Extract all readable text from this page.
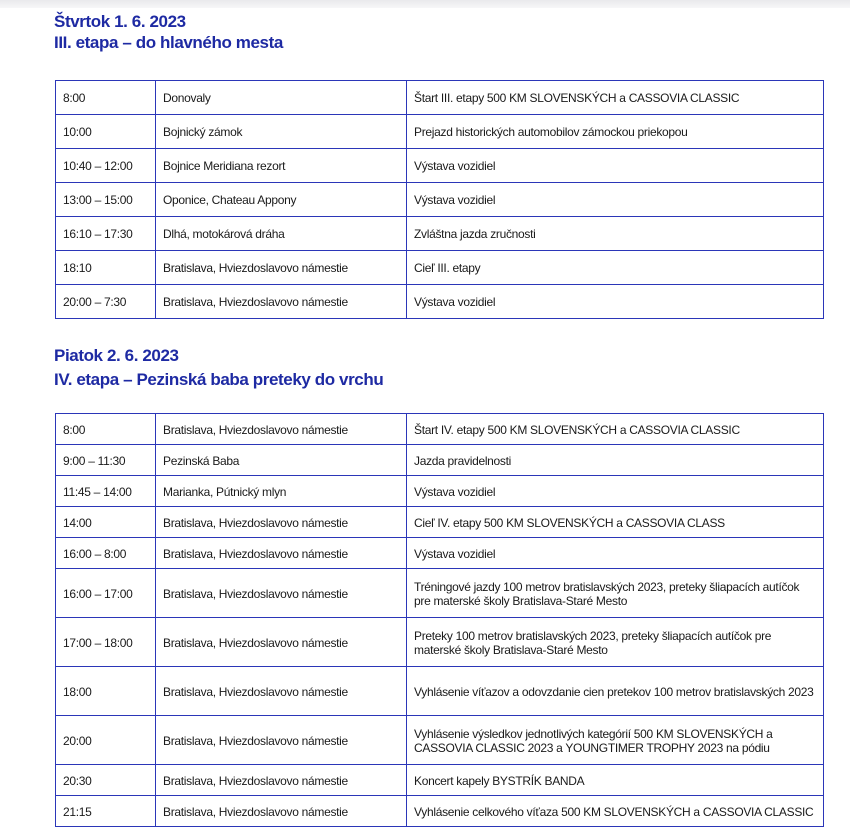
Štvrtok 1. 6. 2023
III. etapa – do hlavného mesta
8:00	Donovaly	Štart III. etapy 500 KM SLOVENSKÝCH a CASSOVIA CLASSIC
10:00	Bojnický zámok	Prejazd historických automobilov zámockou priekopou
10:40 – 12:00	Bojnice Meridiana rezort	Výstava vozidiel
13:00 – 15:00	Oponice, Chateau Appony	Výstava vozidiel
16:10 – 17:30	Dlhá, motokárová dráha	Zvláštna jazda zručnosti
18:10	Bratislava, Hviezdoslavovo námestie	Cieľ III. etapy
20:00 – 7:30	Bratislava, Hviezdoslavovo námestie	Výstava vozidiel
Piatok 2. 6. 2023
IV. etapa – Pezinská baba preteky do vrchu
8:00	Bratislava, Hviezdoslavovo námestie	Štart IV. etapy 500 KM SLOVENSKÝCH a CASSOVIA CLASSIC
9:00 – 11:30	Pezinská Baba	Jazda pravidelnosti
11:45 – 14:00	Marianka, Pútnický mlyn	Výstava vozidiel
14:00	Bratislava, Hviezdoslavovo námestie	Cieľ IV. etapy 500 KM SLOVENSKÝCH a CASSOVIA CLASS
16:00 – 8:00	Bratislava, Hviezdoslavovo námestie	Výstava vozidiel
16:00 – 17:00	Bratislava, Hviezdoslavovo námestie	Tréningové jazdy 100 metrov bratislavských 2023, preteky šliapacích autíčok pre materské školy Bratislava-Staré Mesto
17:00 – 18:00	Bratislava, Hviezdoslavovo námestie	Preteky 100 metrov bratislavských 2023, preteky šliapacích autíčok pre materské školy Bratislava-Staré Mesto
18:00	Bratislava, Hviezdoslavovo námestie	Vyhlásenie víťazov a odovzdanie cien pretekov 100 metrov bratislavských 2023
20:00	Bratislava, Hviezdoslavovo námestie	Vyhlásenie výsledkov jednotlivých kategórií 500 KM SLOVENSKÝCH a CASSOVIA CLASSIC 2023 a YOUNGTIMER TROPHY 2023 na pódiu
20:30	Bratislava, Hviezdoslavovo námestie	Koncert kapely BYSTRÍK BANDA
21:15	Bratislava, Hviezdoslavovo námestie	Vyhlásenie celkového víťaza 500 KM SLOVENSKÝCH a CASSOVIA CLASSIC
